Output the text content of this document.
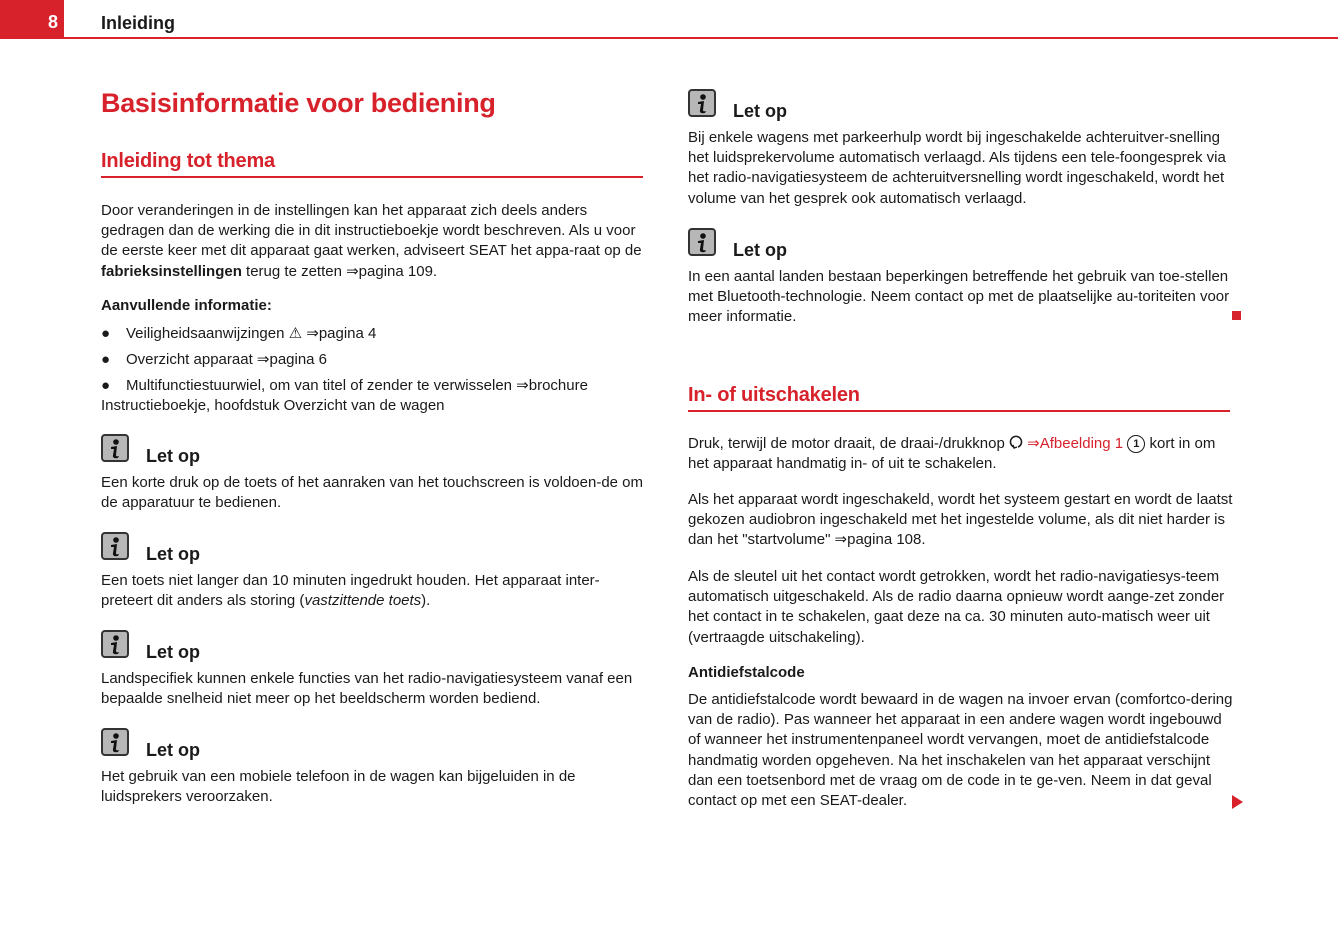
8 Inleiding
Basisinformatie voor bediening
Inleiding tot thema
Door veranderingen in de instellingen kan het apparaat zich deels anders gedragen dan de werking die in dit instructieboekje wordt beschreven. Als u voor de eerste keer met dit apparaat gaat werken, adviseert SEAT het appa-raat op de fabrieksinstellingen terug te zetten ⇒pagina 109.
Aanvullende informatie:
● Veiligheidsaanwijzingen ⚠ ⇒pagina 4
● Overzicht apparaat ⇒pagina 6
● Multifunctiestuurwiel, om van titel of zender te verwisselen ⇒brochure Instructieboekje, hoofdstuk Overzicht van de wagen
Let op
Een korte druk op de toets of het aanraken van het touchscreen is voldoen-de om de apparatuur te bedienen.
Let op
Een toets niet langer dan 10 minuten ingedrukt houden. Het apparaat inter-preteert dit anders als storing (vastzittende toets).
Let op
Landspecifiek kunnen enkele functies van het radio-navigatiesysteem vanaf een bepaalde snelheid niet meer op het beeldscherm worden bediend.
Let op
Het gebruik van een mobiele telefoon in de wagen kan bijgeluiden in de luidsprekers veroorzaken.
Let op
Bij enkele wagens met parkeerhulp wordt bij ingeschakelde achteruitver-snelling het luidsprekervolume automatisch verlaagd. Als tijdens een tele-foongesprek via het radio-navigatiesysteem de achteruitversnelling wordt ingeschakeld, wordt het volume van het gesprek ook automatisch verlaagd.
Let op
In een aantal landen bestaan beperkingen betreffende het gebruik van toe-stellen met Bluetooth-technologie. Neem contact op met de plaatselijke au-toriteiten voor meer informatie.
In- of uitschakelen
Druk, terwijl de motor draait, de draai-/drukknop ⇒Afbeelding 1 1 kort in om het apparaat handmatig in- of uit te schakelen.
Als het apparaat wordt ingeschakeld, wordt het systeem gestart en wordt de laatst gekozen audiobron ingeschakeld met het ingestelde volume, als dit niet harder is dan het "startvolume" ⇒pagina 108.
Als de sleutel uit het contact wordt getrokken, wordt het radio-navigatiesys-teem automatisch uitgeschakeld. Als de radio daarna opnieuw wordt aange-zet zonder het contact in te schakelen, gaat deze na ca. 30 minuten auto-matisch weer uit (vertraagde uitschakeling).
Antidiefstalcode
De antidiefstalcode wordt bewaard in de wagen na invoer ervan (comfortco-dering van de radio). Pas wanneer het apparaat in een andere wagen wordt ingebouwd of wanneer het instrumentenpaneel wordt vervangen, moet de antidiefstalcode handmatig worden opgeheven. Na het inschakelen van het apparaat verschijnt dan een toetsenbord met de vraag om de code in te ge-ven. Neem in dat geval contact op met een SEAT-dealer.
